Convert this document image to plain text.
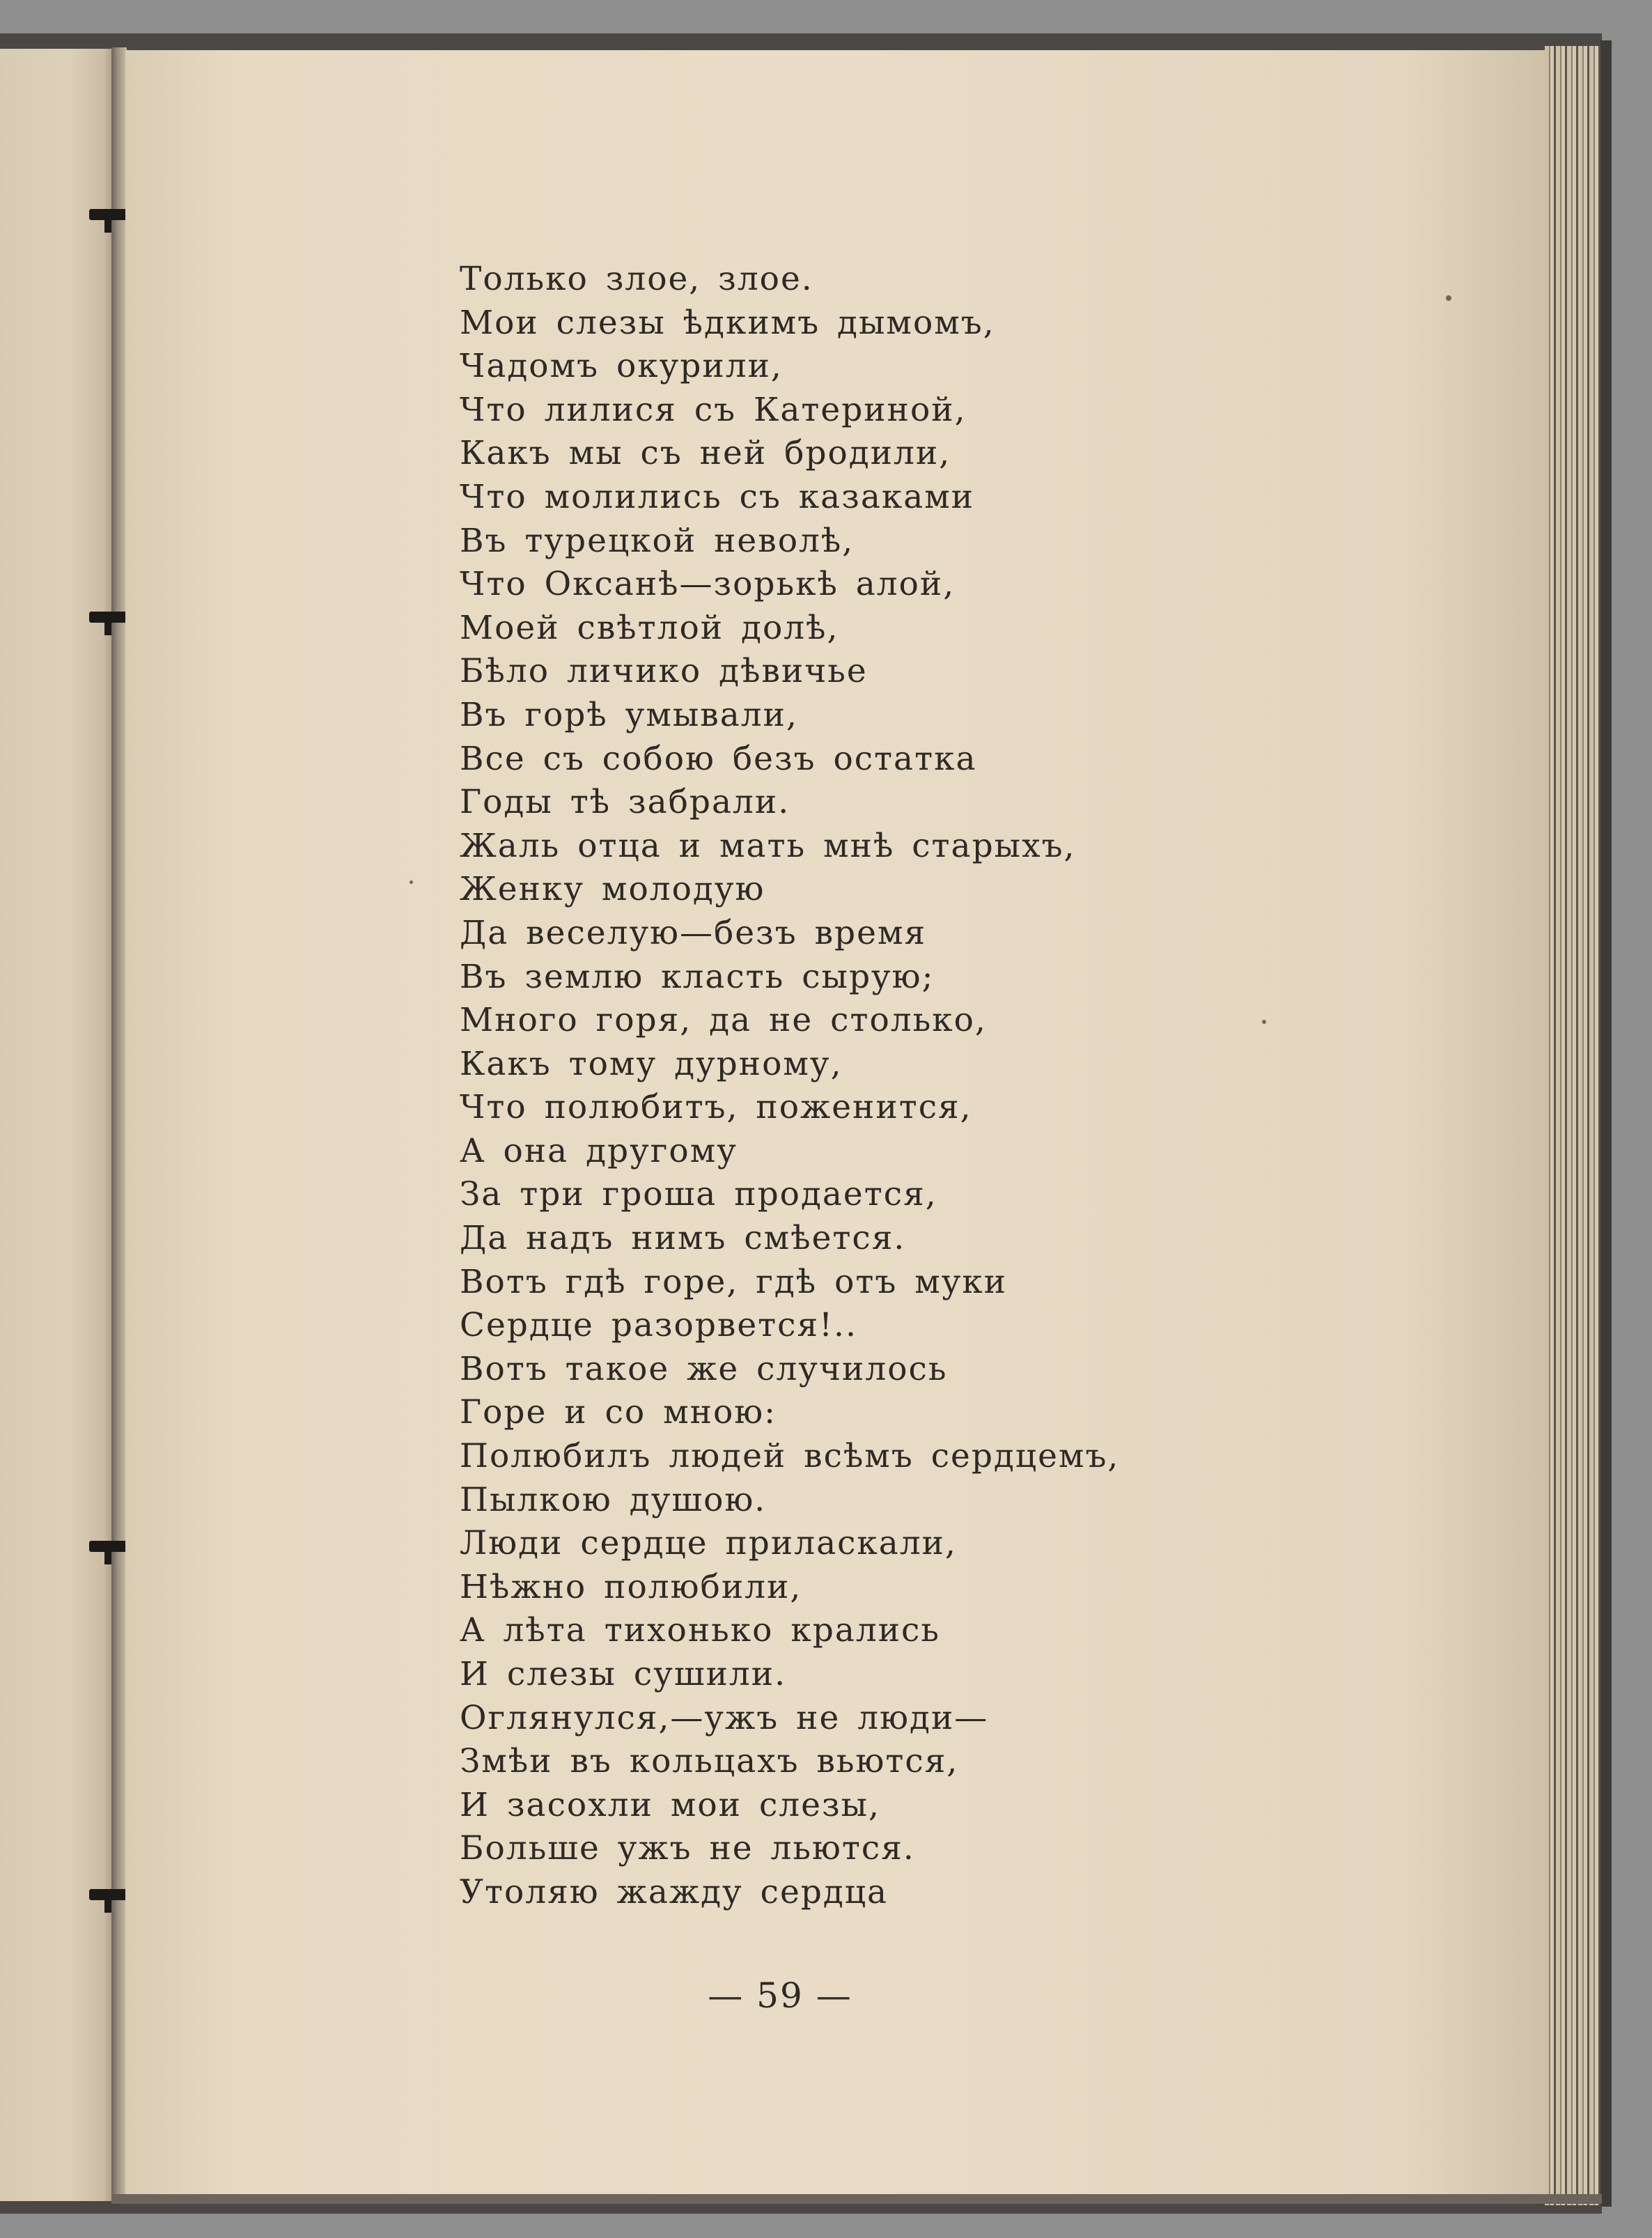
Только злое, злое.
Мои слезы ѣдкимъ дымомъ,
Чадомъ окурили,
Что лилися съ Катериной,
Какъ мы съ ней бродили,
Что молились съ казаками
Въ турецкой неволѣ,
Что Оксанѣ—зорькѣ алой,
Моей свѣтлой долѣ,
Бѣло личико дѣвичье
Въ горѣ умывали,
Все съ собою безъ остатка
Годы тѣ забрали.
Жаль отца и мать мнѣ старыхъ,
Женку молодую
Да веселую—безъ время
Въ землю класть сырую;
Много горя, да не столько,
Какъ тому дурному,
Что полюбитъ, поженится,
А она другому
За три гроша продается,
Да надъ нимъ смѣется.
Вотъ гдѣ горе, гдѣ отъ муки
Сердце разорвется!..
Вотъ такое же случилось
Горе и со мною:
Полюбилъ людей всѣмъ сердцемъ,
Пылкою душою.
Люди сердце приласкали,
Нѣжно полюбили,
А лѣта тихонько крались
И слезы сушили.
Оглянулся,—ужъ не люди—
Змѣи въ кольцахъ вьются,
И засохли мои слезы,
Больше ужъ не льются.
Утоляю жажду сердца
— 59 —
